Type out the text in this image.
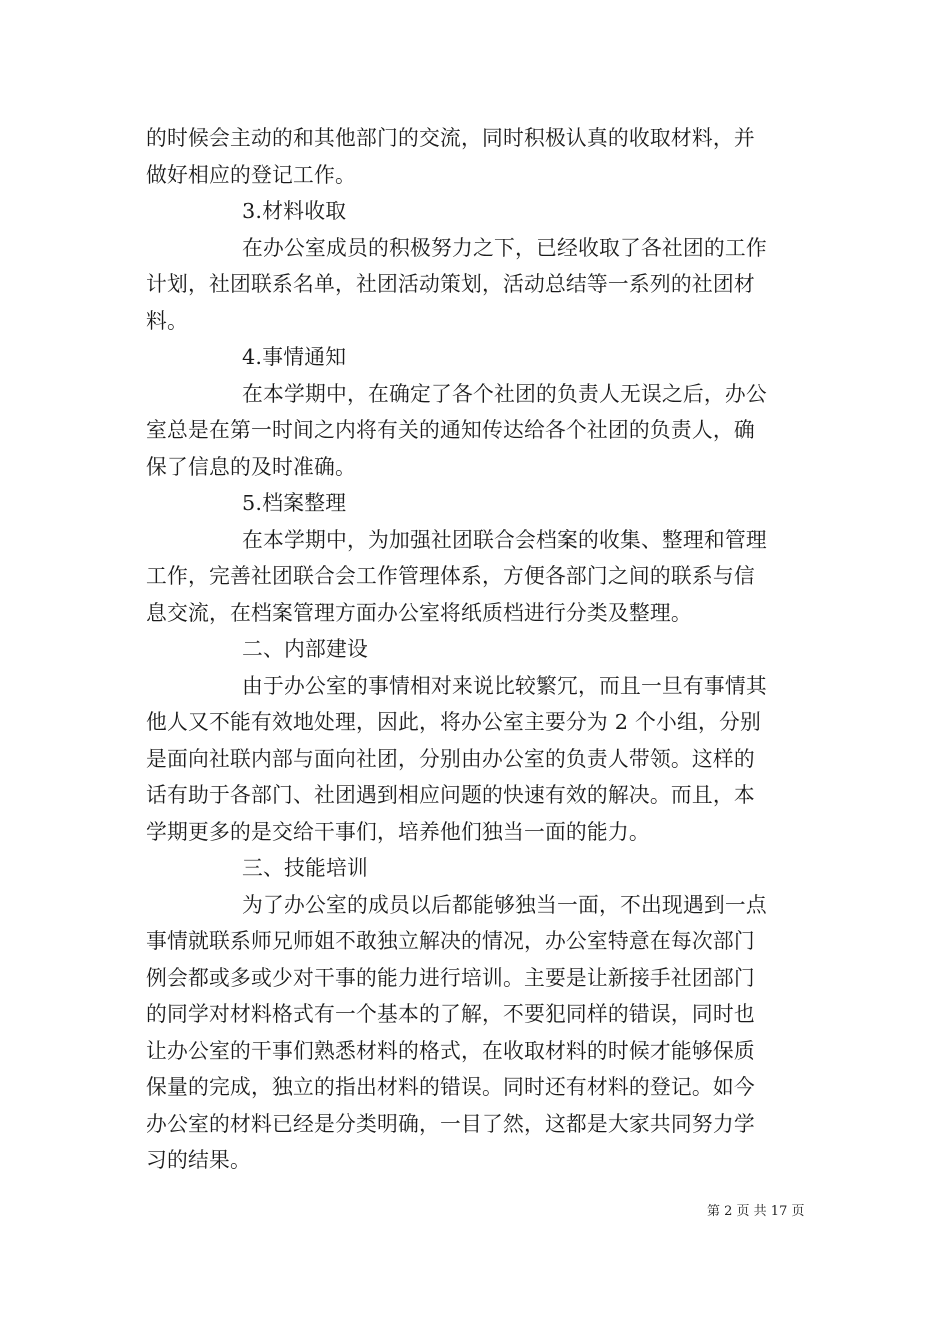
的时候会主动的和其他部门的交流，同时积极认真的收取材料，并
做好相应的登记工作。
3.材料收取
在办公室成员的积极努力之下，已经收取了各社团的工作
计划，社团联系名单，社团活动策划，活动总结等一系列的社团材
料。
4.事情通知
在本学期中，在确定了各个社团的负责人无误之后，办公
室总是在第一时间之内将有关的通知传达给各个社团的负责人，确
保了信息的及时准确。
5.档案整理
在本学期中，为加强社团联合会档案的收集、整理和管理
工作，完善社团联合会工作管理体系，方便各部门之间的联系与信
息交流，在档案管理方面办公室将纸质档进行分类及整理。
二、内部建设
由于办公室的事情相对来说比较繁冗，而且一旦有事情其
他人又不能有效地处理，因此，将办公室主要分为 2 个小组，分别
是面向社联内部与面向社团，分别由办公室的负责人带领。这样的
话有助于各部门、社团遇到相应问题的快速有效的解决。而且，本
学期更多的是交给干事们，培养他们独当一面的能力。
三、技能培训
为了办公室的成员以后都能够独当一面，不出现遇到一点
事情就联系师兄师姐不敢独立解决的情况，办公室特意在每次部门
例会都或多或少对干事的能力进行培训。主要是让新接手社团部门
的同学对材料格式有一个基本的了解，不要犯同样的错误，同时也
让办公室的干事们熟悉材料的格式，在收取材料的时候才能够保质
保量的完成，独立的指出材料的错误。同时还有材料的登记。如今
办公室的材料已经是分类明确，一目了然，这都是大家共同努力学
习的结果。
第 2 页 共 17 页
